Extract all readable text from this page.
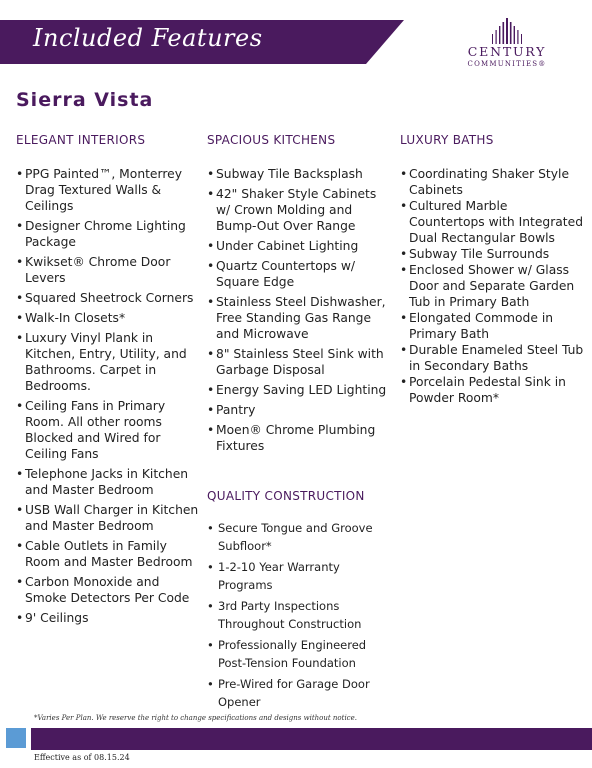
Included Features	CENTURY
COMMUNITIES®
Sierra Vista
ELEGANT INTERIORS
• PPG Painted™, Monterrey Drag Textured Walls & Ceilings
• Designer Chrome Lighting Package
• Kwikset® Chrome Door Levers
• Squared Sheetrock Corners
• Walk-In Closets*
• Luxury Vinyl Plank in Kitchen, Entry, Utility, and Bathrooms. Carpet in Bedrooms.
• Ceiling Fans in Primary Room. All other rooms Blocked and Wired for Ceiling Fans
• Telephone Jacks in Kitchen and Master Bedroom
• USB Wall Charger in Kitchen and Master Bedroom
• Cable Outlets in Family Room and Master Bedroom
• Carbon Monoxide and Smoke Detectors Per Code
• 9' Ceilings
SPACIOUS KITCHENS
• Subway Tile Backsplash
• 42" Shaker Style Cabinets w/ Crown Molding and Bump-Out Over Range
• Under Cabinet Lighting
• Quartz Countertops w/ Square Edge
• Stainless Steel Dishwasher, Free Standing Gas Range and Microwave
• 8" Stainless Steel Sink with Garbage Disposal
• Energy Saving LED Lighting
• Pantry
• Moen® Chrome Plumbing Fixtures
QUALITY CONSTRUCTION
• Secure Tongue and Groove Subfloor*
• 1-2-10 Year Warranty Programs
• 3rd Party Inspections Throughout Construction
• Professionally Engineered Post-Tension Foundation
• Pre-Wired for Garage Door Opener
LUXURY BATHS
• Coordinating Shaker Style Cabinets
• Cultured Marble Countertops with Integrated Dual Rectangular Bowls
• Subway Tile Surrounds
• Enclosed Shower w/ Glass Door and Separate Garden Tub in Primary Bath
• Elongated Commode in Primary Bath
• Durable Enameled Steel Tub in Secondary Baths
• Porcelain Pedestal Sink in Powder Room*
*Varies Per Plan. We reserve the right to change specifications and designs without notice.
Effective as of 08.15.24
